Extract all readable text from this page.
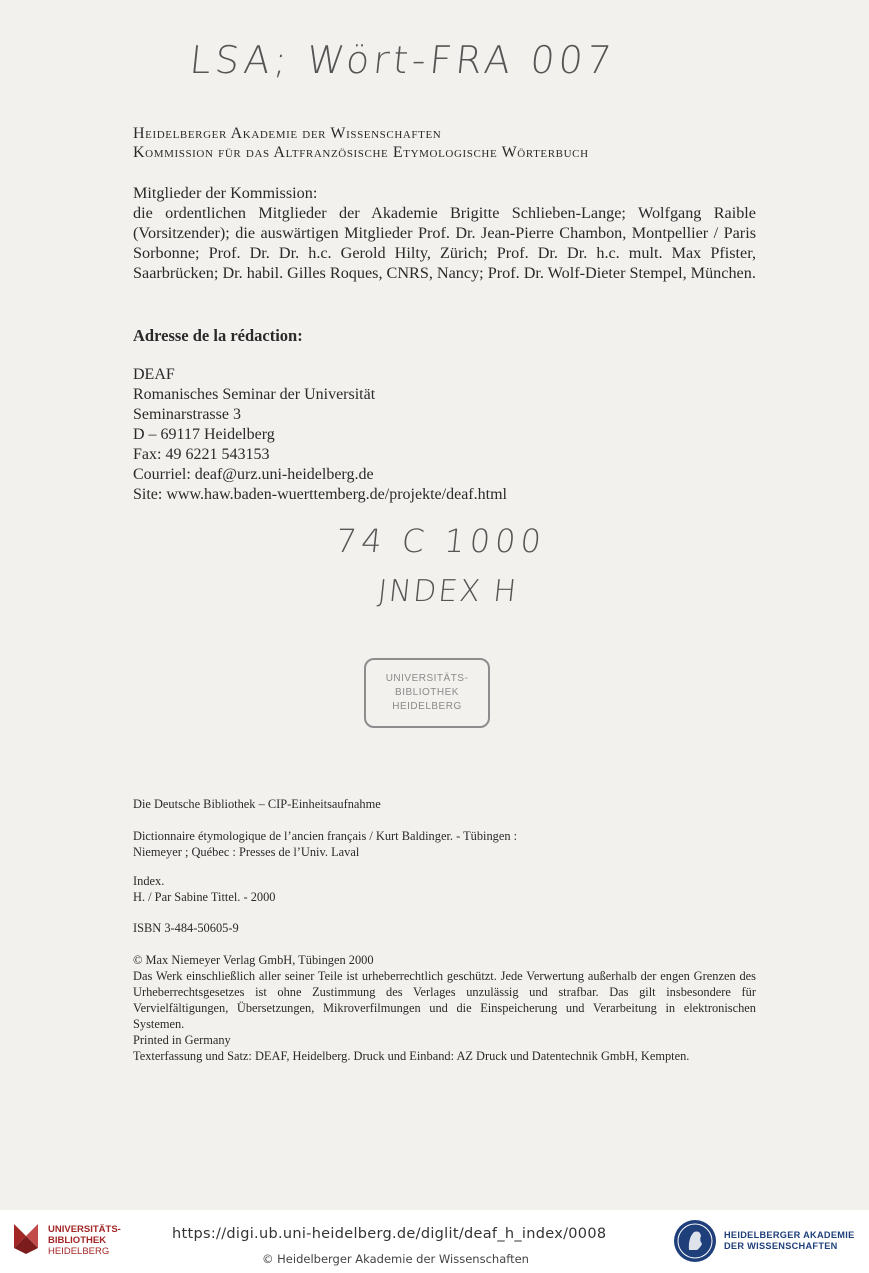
LSA; Wört-FRA 007
Heidelberger Akademie der Wissenschaften
Kommission für das Altfranzösische Etymologische Wörterbuch

Mitglieder der Kommission:

die ordentlichen Mitglieder der Akademie Brigitte Schlieben-Lange; Wolfgang Raible (Vorsitzender); die auswärtigen Mitglieder Prof. Dr. Jean-Pierre Chambon, Montpellier / Paris Sorbonne; Prof. Dr. Dr. h.c. Gerold Hilty, Zürich; Prof. Dr. Dr. h.c. mult. Max Pfister, Saarbrücken; Dr. habil. Gilles Roques, CNRS, Nancy; Prof. Dr. Wolf-Dieter Stempel, München.

Adresse de la rédaction:
DEAF
Romanisches Seminar der Universität
Seminarstrasse 3
D – 69117 Heidelberg
Fax: 49 6221 543153
Courriel: deaf@urz.uni-heidelberg.de
Site: www.haw.baden-wuerttemberg.de/projekte/deaf.html
74 C 1000
JNDEX H
UNIVERSITÄTS-
BIBLIOTHEK
HEIDELBERG
Die Deutsche Bibliothek – CIP-Einheitsaufnahme

Dictionnaire étymologique de l’ancien français / Kurt Baldinger. - Tübingen :

Niemeyer ; Québec : Presses de l’Univ. Laval

Index.

H. / Par Sabine Tittel. - 2000

ISBN 3-484-50605-9

© Max Niemeyer Verlag GmbH, Tübingen 2000

Das Werk einschließlich aller seiner Teile ist urheberrechtlich geschützt. Jede Verwertung außerhalb der engen Grenzen des Urheberrechtsgesetzes ist ohne Zustimmung des Verlages unzulässig und strafbar. Das gilt insbesondere für Vervielfältigungen, Übersetzungen, Mikroverfilmungen und die Einspeicherung und Verarbeitung in elektronischen Systemen.

Printed in Germany

Texterfassung und Satz: DEAF, Heidelberg. Druck und Einband: AZ Druck und Datentechnik GmbH, Kempten.

UNIVERSITÄTS-
BIBLIOTHEK
HEIDELBERG
https://digi.ub.uni-heidelberg.de/diglit/deaf_h_index/0008
© Heidelberger Akademie der Wissenschaften
HEIDELBERGER AKADEMIE
DER WISSENSCHAFTEN
